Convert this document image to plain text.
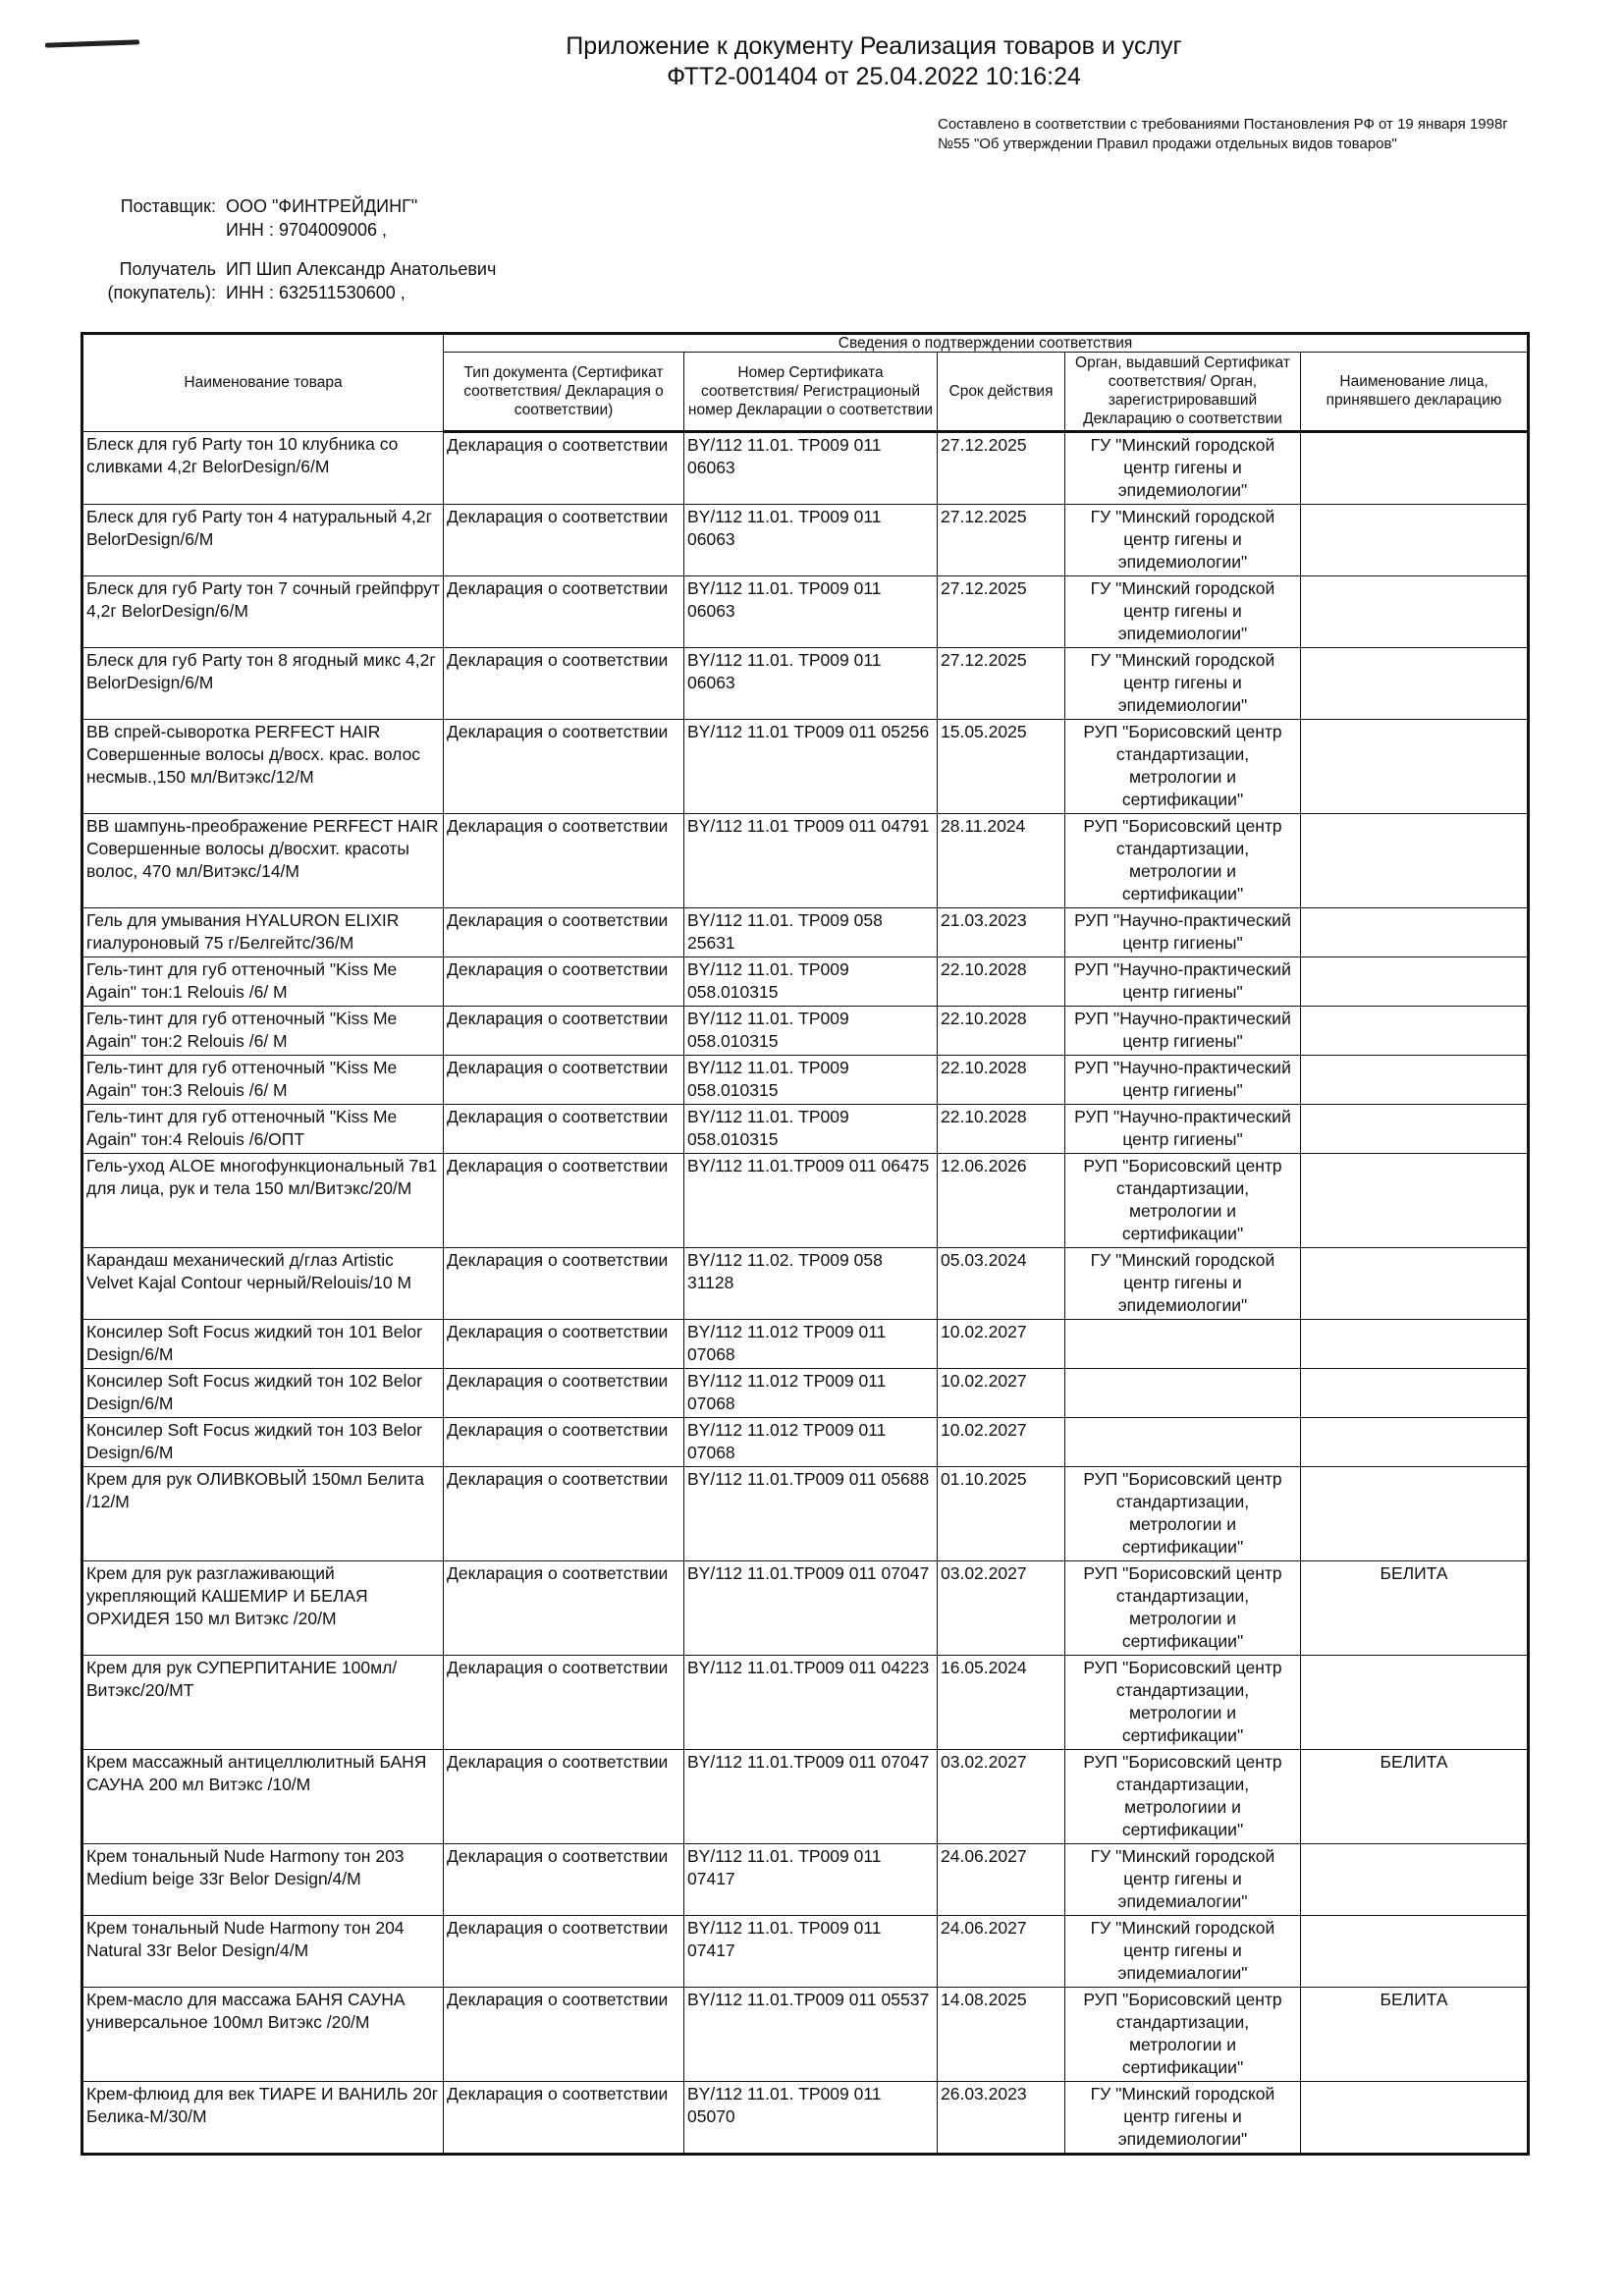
Приложение к документу Реализация товаров и услуг
ФТТ2-001404 от 25.04.2022 10:16:24
Составлено в соответствии с требованиями Постановления РФ от 19 января 1998г №55 "Об утверждении Правил продажи отдельных видов товаров"
Поставщик: ООО "ФИНТРЕЙДИНГ"
ИНН : 9704009006 ,
Получатель
(покупатель):
ИП Шип Александр Анатольевич
ИНН : 632511530600 ,
Наименование товара	Сведения о подтверждении соответствия				
	Тип документа (Сертификат соответствия/ Декларация о соответствии)	Номер Сертификата соответствия/ Регистрационый номер Декларации о соответствии	Срок действия	Орган, выдавший Сертификат соответствия/ Орган, зарегистрировавший Декларацию о соответствии	Наименование лица, принявшего декларацию
Блеск для губ Party тон 10 клубника со сливками 4,2г BelorDesign/6/М	Декларация о соответствии	BY/112 11.01. ТР009 011 06063	27.12.2025	ГУ "Минский городской центр гигены и эпидемиологии"	
Блеск для губ Party тон 4 натуральный 4,2г BelorDesign/6/М	Декларация о соответствии	BY/112 11.01. ТР009 011 06063	27.12.2025	ГУ "Минский городской центр гигены и эпидемиологии"	
Блеск для губ Party тон 7 сочный грейпфрут 4,2г BelorDesign/6/М	Декларация о соответствии	BY/112 11.01. ТР009 011 06063	27.12.2025	ГУ "Минский городской центр гигены и эпидемиологии"	
Блеск для губ Party тон 8 ягодный микс 4,2г BelorDesign/6/М	Декларация о соответствии	BY/112 11.01. ТР009 011 06063	27.12.2025	ГУ "Минский городской центр гигены и эпидемиологии"	
ВВ спрей-сыворотка PERFECT HAIR Совершенные волосы д/восх. крас. волос несмыв.,150 мл/Витэкс/12/М	Декларация о соответствии	BY/112 11.01 ТР009 011 05256	15.05.2025	РУП "Борисовский центр стандартизации, метрологии и сертификации"	
ВВ шампунь-преображение PERFECT HAIR Совершенные волосы д/восхит. красоты волос, 470 мл/Витэкс/14/М	Декларация о соответствии	BY/112 11.01 ТР009 011 04791	28.11.2024	РУП "Борисовский центр стандартизации, метрологии и сертификации"	
Гель для умывания HYALURON ELIXIR гиалуроновый 75 г/Белгейтс/36/М	Декларация о соответствии	BY/112 11.01. ТР009 058 25631	21.03.2023	РУП "Научно-практический центр гигиены"	
Гель-тинт для губ оттеночный "Kiss Me Again" тон:1 Relouis /6/ М	Декларация о соответствии	BY/112 11.01. ТР009 058.010315	22.10.2028	РУП "Научно-практический центр гигиены"	
Гель-тинт для губ оттеночный "Kiss Me Again" тон:2 Relouis /6/ М	Декларация о соответствии	BY/112 11.01. ТР009 058.010315	22.10.2028	РУП "Научно-практический центр гигиены"	
Гель-тинт для губ оттеночный "Kiss Me Again" тон:3 Relouis /6/ М	Декларация о соответствии	BY/112 11.01. ТР009 058.010315	22.10.2028	РУП "Научно-практический центр гигиены"	
Гель-тинт для губ оттеночный "Kiss Me Again" тон:4 Relouis /6/ОПТ	Декларация о соответствии	BY/112 11.01. ТР009 058.010315	22.10.2028	РУП "Научно-практический центр гигиены"	
Гель-уход ALOE многофункциональный 7в1 для лица, рук и тела 150 мл/Витэкс/20/М	Декларация о соответствии	BY/112 11.01.ТР009 011 06475	12.06.2026	РУП "Борисовский центр стандартизации, метрологии и сертификации"	
Карандаш механический д/глаз Artistic Velvet Kajal Contour черный/Relouis/10 М	Декларация о соответствии	BY/112 11.02. ТР009 058 31128	05.03.2024	ГУ "Минский городской центр гигены и эпидемиологии"	
Консилер Soft Focus жидкий тон 101 Belor Design/6/М	Декларация о соответствии	BY/112 11.012 ТР009 011 07068	10.02.2027		
Консилер Soft Focus жидкий тон 102 Belor Design/6/М	Декларация о соответствии	BY/112 11.012 ТР009 011 07068	10.02.2027		
Консилер Soft Focus жидкий тон 103 Belor Design/6/М	Декларация о соответствии	BY/112 11.012 ТР009 011 07068	10.02.2027		
Крем для рук ОЛИВКОВЫЙ 150мл Белита /12/М	Декларация о соответствии	BY/112 11.01.ТР009 011 05688	01.10.2025	РУП "Борисовский центр стандартизации, метрологии и сертификации"	
Крем для рук разглаживающий укрепляющий КАШЕМИР И БЕЛАЯ ОРХИДЕЯ 150 мл Витэкс /20/М	Декларация о соответствии	BY/112 11.01.ТР009 011 07047	03.02.2027	РУП "Борисовский центр стандартизации, метрологии и сертификации"	БЕЛИТА
Крем для рук СУПЕРПИТАНИЕ 100мл/Витэкс/20/МТ	Декларация о соответствии	BY/112 11.01.ТР009 011 04223	16.05.2024	РУП "Борисовский центр стандартизации, метрологии и сертификации"	
Крем массажный антицеллюлитный БАНЯ САУНА 200 мл Витэкс /10/М	Декларация о соответствии	BY/112 11.01.ТР009 011 07047	03.02.2027	РУП "Борисовский центр стандартизации, метрологиии и сертификации"	БЕЛИТА
Крем тональный Nude Harmony тон 203 Medium beige 33г Belor Design/4/М	Декларация о соответствии	BY/112 11.01. ТР009 011 07417	24.06.2027	ГУ "Минский городской центр гигены и эпидемиалогии"	
Крем тональный Nude Harmony тон 204 Natural 33г Belor Design/4/М	Декларация о соответствии	BY/112 11.01. ТР009 011 07417	24.06.2027	ГУ "Минский городской центр гигены и эпидемиалогии"	
Крем-масло для массажа БАНЯ САУНА универсальное 100мл Витэкс /20/М	Декларация о соответствии	BY/112 11.01.ТР009 011 05537	14.08.2025	РУП "Борисовский центр стандартизации, метрологии и сертификации"	БЕЛИТА
Крем-флюид для век ТИАРЕ И ВАНИЛЬ 20г Белика-М/30/М	Декларация о соответствии	BY/112 11.01. ТР009 011 05070	26.03.2023	ГУ "Минский городской центр гигены и эпидемиологии"	
